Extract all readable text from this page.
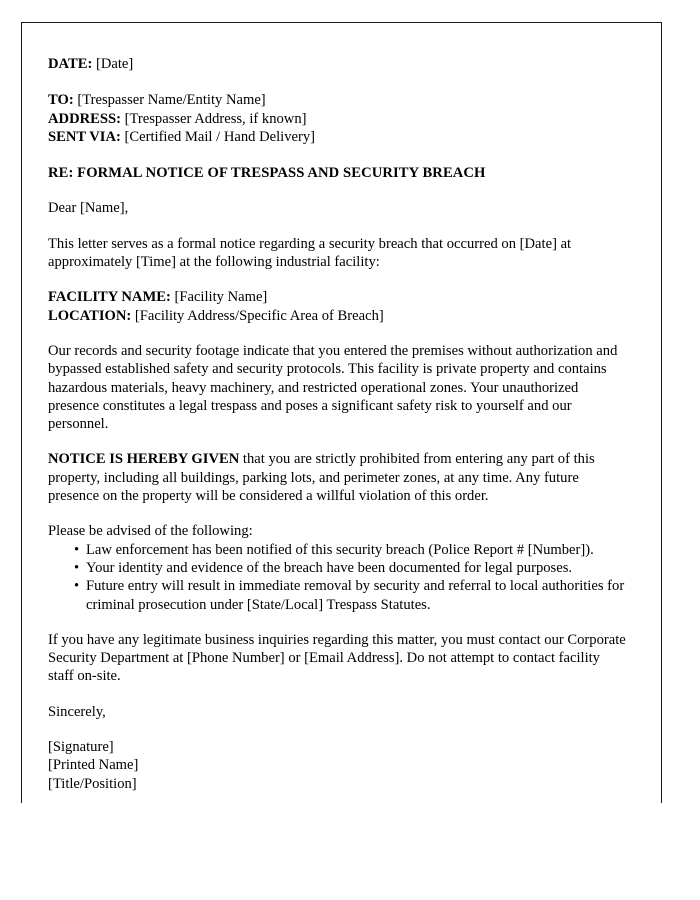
DATE: [Date]

TO: [Trespasser Name/Entity Name]

ADDRESS: [Trespasser Address, if known]

SENT VIA: [Certified Mail / Hand Delivery]

RE: FORMAL NOTICE OF TRESPASS AND SECURITY BREACH

Dear [Name],

This letter serves as a formal notice regarding a security breach that occurred on [Date] at approximately [Time] at the following industrial facility:

FACILITY NAME: [Facility Name]

LOCATION: [Facility Address/Specific Area of Breach]

Our records and security footage indicate that you entered the premises without authorization and bypassed established safety and security protocols. This facility is private property and contains hazardous materials, heavy machinery, and restricted operational zones. Your unauthorized presence constitutes a legal trespass and poses a significant safety risk to yourself and our personnel.

NOTICE IS HEREBY GIVEN that you are strictly prohibited from entering any part of this property, including all buildings, parking lots, and perimeter zones, at any time. Any future presence on the property will be considered a willful violation of this order.

Please be advised of the following:

• Law enforcement has been notified of this security breach (Police Report # [Number]).
• Your identity and evidence of the breach have been documented for legal purposes.
• Future entry will result in immediate removal by security and referral to local authorities for criminal prosecution under [State/Local] Trespass Statutes.

If you have any legitimate business inquiries regarding this matter, you must contact our Corporate Security Department at [Phone Number] or [Email Address]. Do not attempt to contact facility staff on-site.

Sincerely,

[Signature]

[Printed Name]

[Title/Position]
